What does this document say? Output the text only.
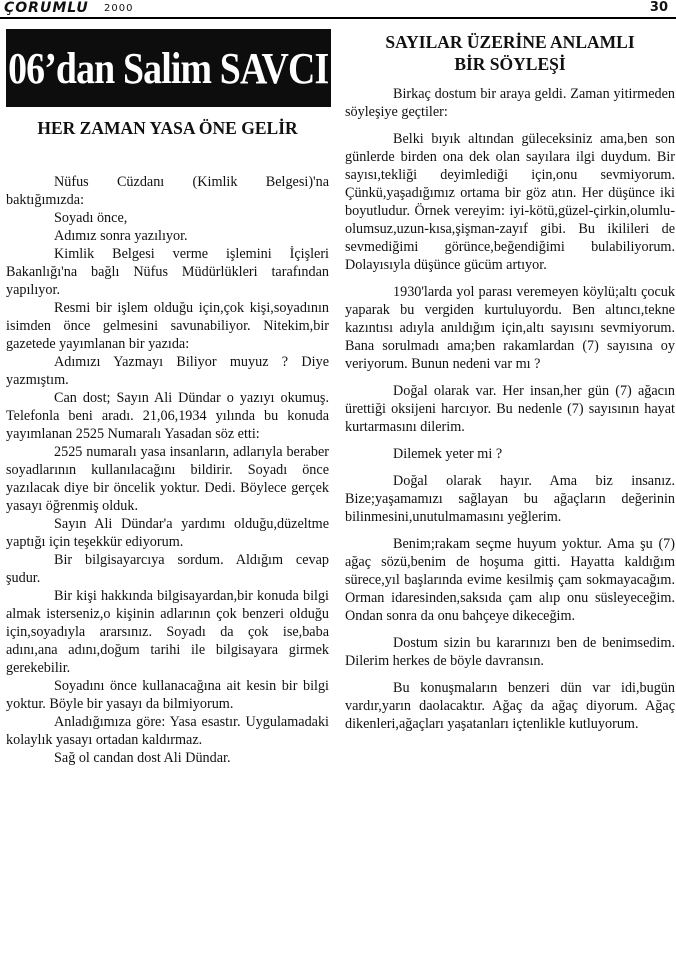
ÇORUMLU 2000	30
06’dan Salim SAVCI
HER ZAMAN YASA ÖNE GELİR

Nüfus Cüzdanı (Kimlik Belgesi)'na baktığımızda:

Soyadı önce,

Adımız sonra yazılıyor.

Kimlik Belgesi verme işlemini İçişleri Bakanlığı'na bağlı Nüfus Müdürlükleri tarafından yapılıyor.

Resmi bir işlem olduğu için,çok kişi,soyadının isimden önce gelmesini savunabiliyor. Nitekim,bir gazetede yayımlanan bir yazıda:

Adımızı Yazmayı Biliyor muyuz ? Diye yazmıştım.

Can dost; Sayın Ali Dündar o yazıyı okumuş. Telefonla beni aradı. 21,06,1934 yılında bu konuda yayımlanan 2525 Numaralı Yasadan söz etti:

2525 numaralı yasa insanların, adlarıyla beraber soyadlarının kullanılacağını bildirir. Soyadı önce yazılacak diye bir öncelik yoktur. Dedi. Böylece gerçek yasayı öğrenmiş olduk.

Sayın Ali Dündar'a yardımı olduğu,düzeltme yaptığı için teşekkür ediyorum.

Bir bilgisayarcıya sordum. Aldığım cevap şudur.

Bir kişi hakkında bilgisayardan,bir konuda bilgi almak isterseniz,o kişinin adlarının çok benzeri olduğu için,soyadıyla ararsınız. Soyadı da çok ise,baba adını,ana adını,doğum tarihi ile bilgisayara girmek gerekebilir.

Soyadını önce kullanacağına ait kesin bir bilgi yoktur. Böyle bir yasayı da bilmiyorum.

Anladığımıza göre: Yasa esastır. Uygulamadaki kolaylık yasayı ortadan kaldırmaz.

Sağ ol candan dost Ali Dündar.

SAYILAR ÜZERİNE ANLAMLI
BİR SÖYLEŞİ

Birkaç dostum bir araya geldi. Zaman yitirmeden söyleşiye geçtiler:

Belki bıyık altından güleceksiniz ama,ben son günlerde birden ona dek olan sayılara ilgi duydum. Bir sayısı,tekliği deyimlediği için,onu sevmiyorum. Çünkü,yaşadığımız ortama bir göz atın. Her düşünce iki boyutludur. Örnek vereyim: iyi-kötü,güzel-çirkin,olumlu-olumsuz,uzun-kısa,şişman-zayıf gibi. Bu ikilileri de sevmediğimi görünce,beğendiğimi bulabiliyorum. Dolayısıyla düşünce gücüm artıyor.

1930'larda yol parası veremeyen köylü;altı çocuk yaparak bu vergiden kurtuluyordu. Ben altıncı,tekne kazıntısı adıyla anıldığım için,altı sayısını sevmiyorum. Bana sorulmadı ama;ben rakamlardan (7) sayısına oy veriyorum. Bunun nedeni var mı ?

Doğal olarak var. Her insan,her gün (7) ağacın ürettiği oksijeni harcıyor. Bu nedenle (7) sayısının hayat kurtarmasını dilerim.

Dilemek yeter mi ?

Doğal olarak hayır. Ama biz insanız. Bize;yaşamamızı sağlayan bu ağaçların değerinin bilinmesini,unutulmamasını yeğlerim.

Benim;rakam seçme huyum yoktur. Ama şu (7) ağaç sözü,benim de hoşuma gitti. Hayatta kaldığım sürece,yıl başlarında evime kesilmiş çam sokmayacağım. Orman idaresinden,saksıda çam alıp onu süsleyeceğim. Ondan sonra da onu bahçeye dikeceğim.

Dostum sizin bu kararınızı ben de benimsedim. Dilerim herkes de böyle davransın.

Bu konuşmaların benzeri dün var idi,bugün vardır,yarın daolacaktır. Ağaç da ağaç diyorum. Ağaç dikenleri,ağaçları yaşatanları içtenlikle kutluyorum.
